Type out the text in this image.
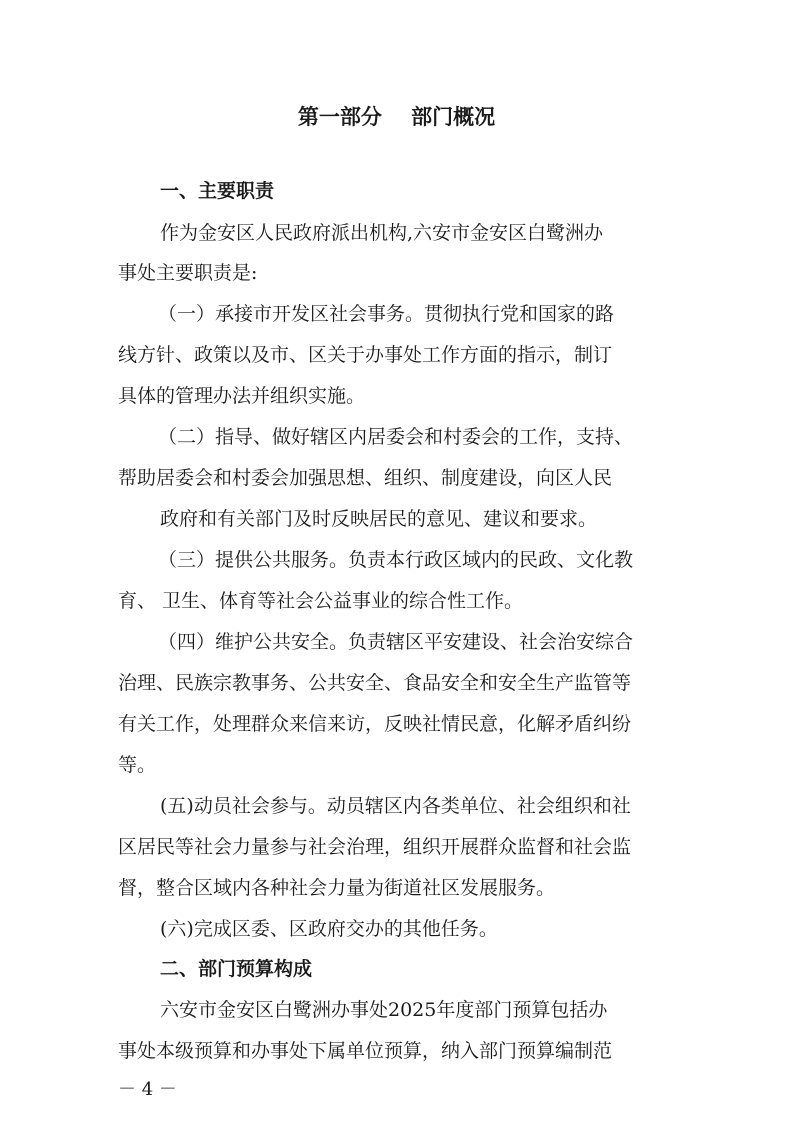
第一部分    部门概况
一、主要职责
作为金安区人民政府派出机构,六安市金安区白鹭洲办
事处主要职责是:
（一）承接市开发区社会事务。贯彻执行党和国家的路
线方针、政策以及市、区关于办事处工作方面的指示，制订
具体的管理办法并组织实施。
（二）指导、做好辖区内居委会和村委会的工作，支持、
帮助居委会和村委会加强思想、组织、制度建设，向区人民
政府和有关部门及时反映居民的意见、建议和要求。
（三）提供公共服务。负责本行政区域内的民政、文化教
育、 卫生、体育等社会公益事业的综合性工作。
（四）维护公共安全。负责辖区平安建设、社会治安综合
治理、民族宗教事务、公共安全、食品安全和安全生产监管等
有关工作，处理群众来信来访，反映社情民意，化解矛盾纠纷
等。
(五)动员社会参与。动员辖区内各类单位、社会组织和社
区居民等社会力量参与社会治理，组织开展群众监督和社会监
督，整合区域内各种社会力量为街道社区发展服务。
(六)完成区委、区政府交办的其他任务。
二、部门预算构成
六安市金安区白鹭洲办事处2025年度部门预算包括办
事处本级预算和办事处下属单位预算，纳入部门预算编制范
－ 4 －
